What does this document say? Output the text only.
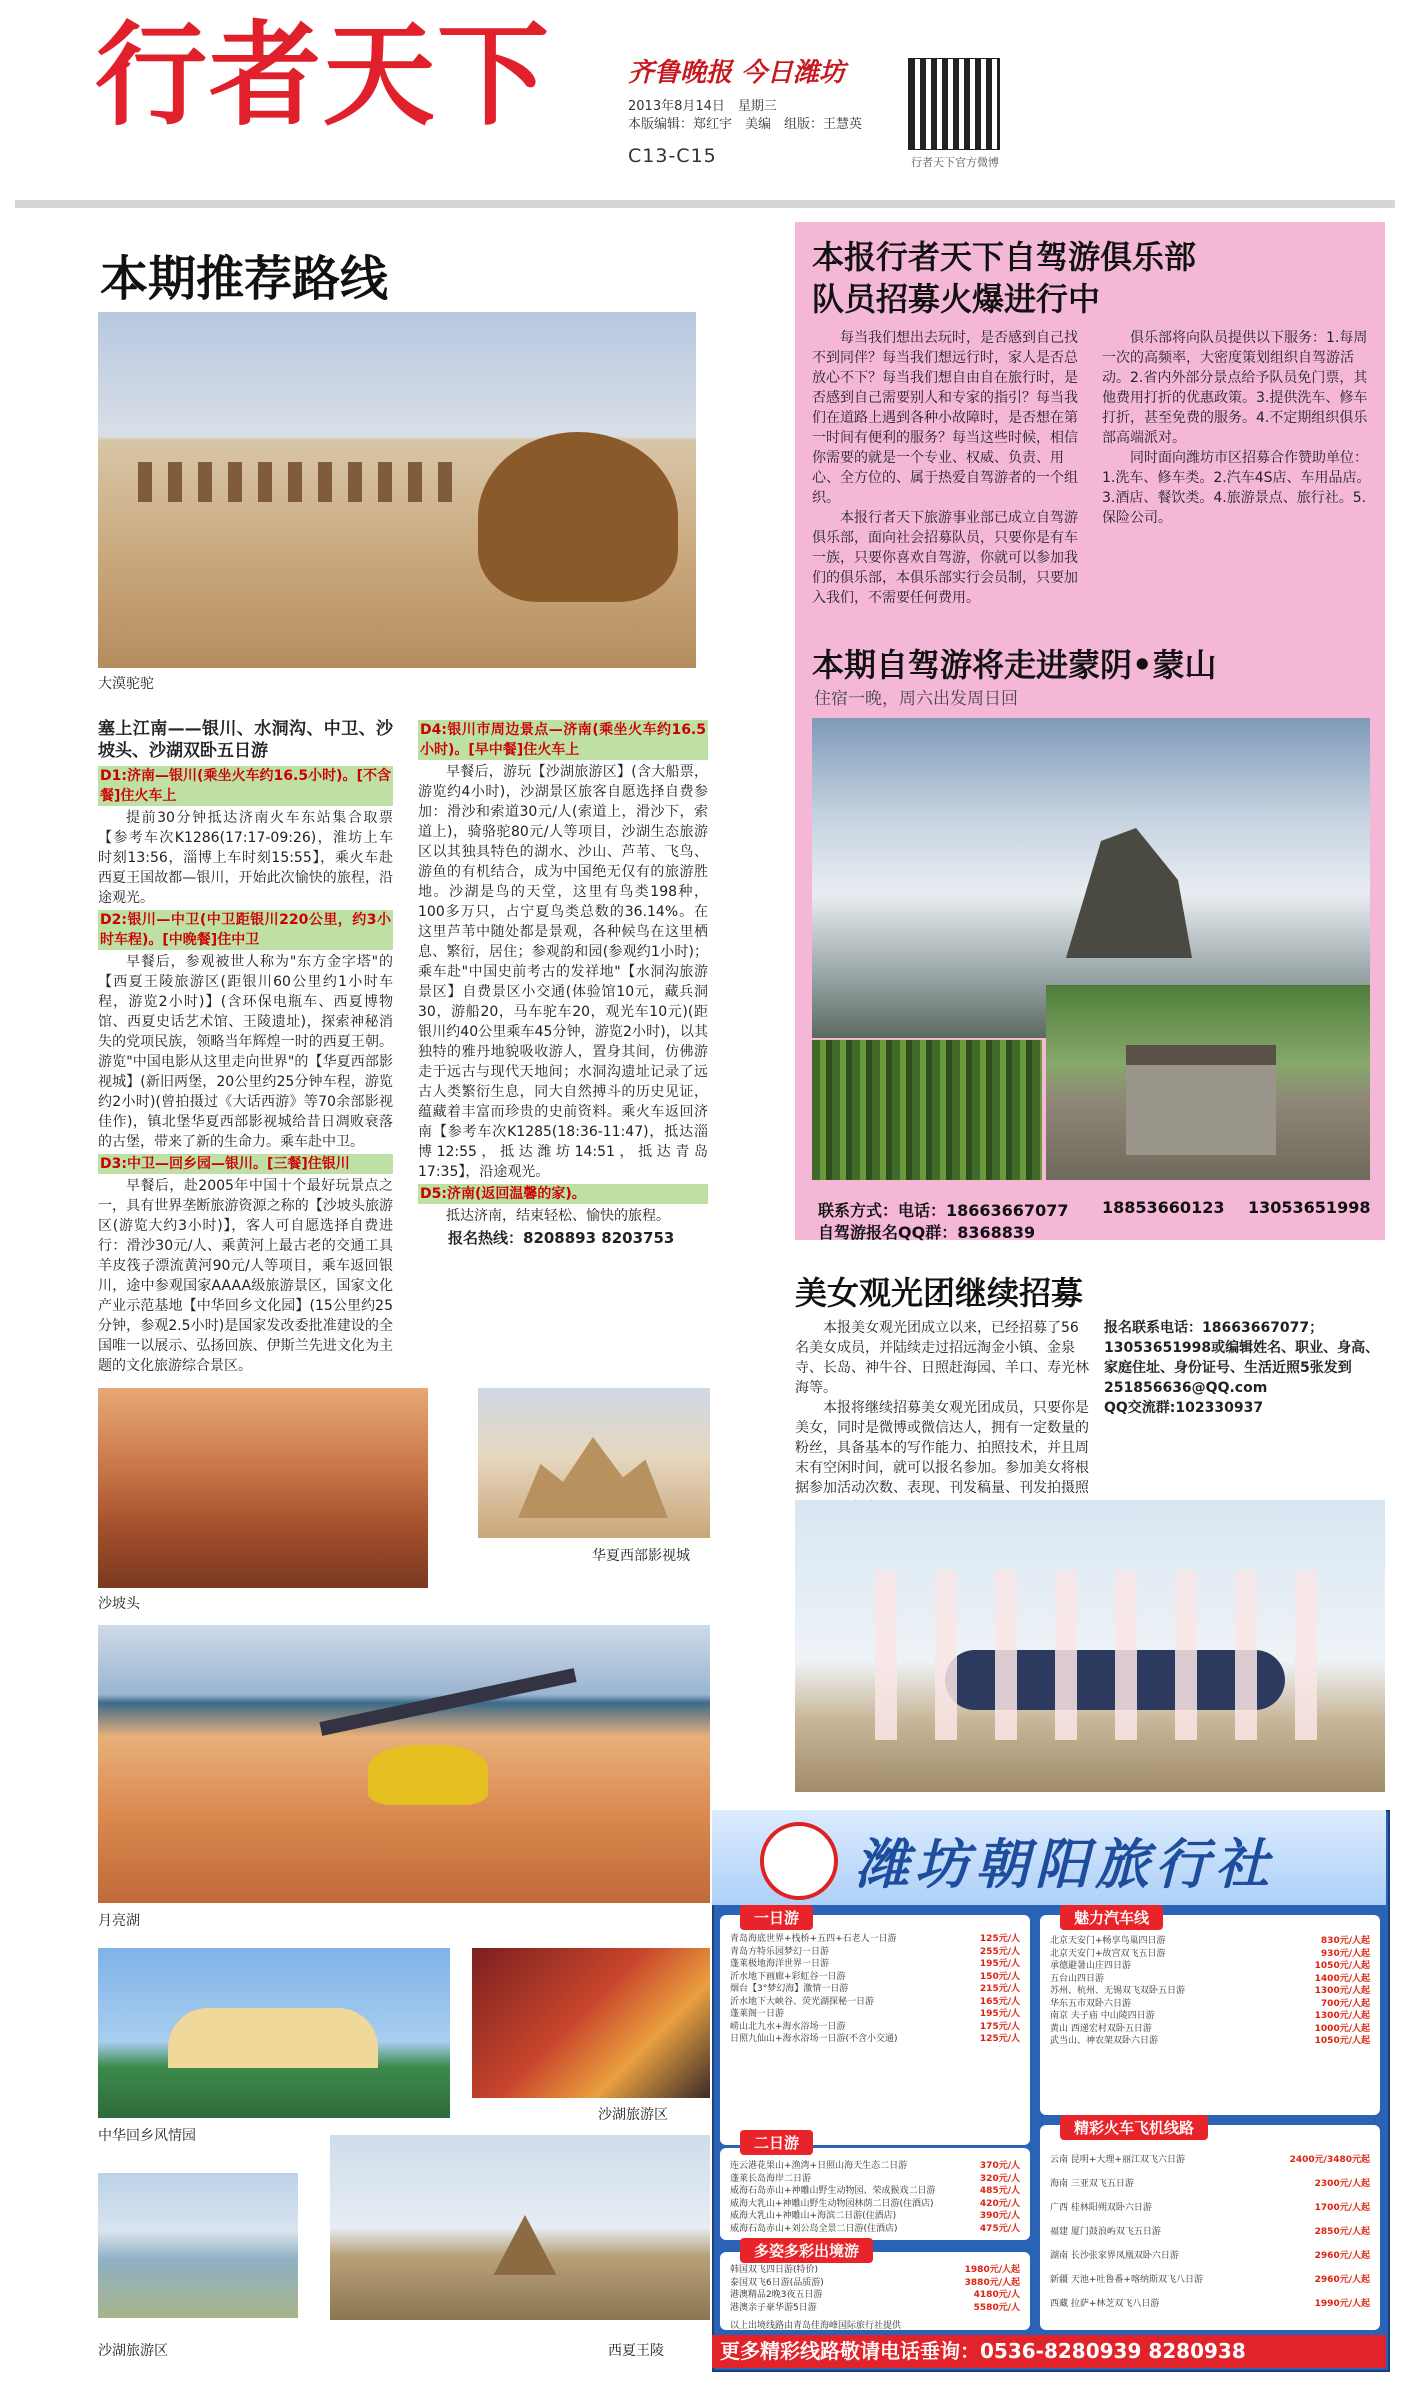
行者天下	齐鲁晚报 今日潍坊
2013年8月14日　星期三
本版编辑：郑红宇　美编　组版：王慧英
C13-C15	行者天下官方微博
本期推荐路线
大漠驼驼
塞上江南——银川、水洞沟、中卫、沙坡头、沙湖双卧五日游
D1:济南—银川(乘坐火车约16.5小时)。[不含餐]住火车上

提前30分钟抵达济南火车东站集合取票【参考车次K1286(17:17-09:26)，淮坊上车时刻13:56，淄博上车时刻15:55】，乘火车赴西夏王国故都—银川，开始此次愉快的旅程，沿途观光。

D2:银川—中卫(中卫距银川220公里，约3小时车程)。[中晚餐]住中卫

早餐后，参观被世人称为"东方金字塔"的【西夏王陵旅游区(距银川60公里约1小时车程，游览2小时)】(含环保电瓶车、西夏博物馆、西夏史话艺术馆、王陵遗址)，探索神秘消失的党项民族，领略当年辉煌一时的西夏王朝。游览"中国电影从这里走向世界"的【华夏西部影视城】(新旧两堡，20公里约25分钟车程，游览约2小时)(曾拍摄过《大话西游》等70余部影视佳作)，镇北堡华夏西部影视城给昔日凋败衰落的古堡，带来了新的生命力。乘车赴中卫。

D3:中卫—回乡园—银川。[三餐]住银川

早餐后，赴2005年中国十个最好玩景点之一，具有世界垄断旅游资源之称的【沙坡头旅游区(游览大约3小时)】，客人可自愿选择自费进行：滑沙30元/人、乘黄河上最古老的交通工具羊皮筏子漂流黄河90元/人等项目，乘车返回银川，途中参观国家AAAA级旅游景区，国家文化产业示范基地【中华回乡文化园】(15公里约25分钟，参观2.5小时)是国家发改委批准建设的全国唯一以展示、弘扬回族、伊斯兰先进文化为主题的文化旅游综合景区。

D4:银川市周边景点—济南(乘坐火车约16.5小时)。[早中餐]住火车上

早餐后，游玩【沙湖旅游区】(含大船票，游览约4小时)，沙湖景区旅客自愿选择自费参加：滑沙和索道30元/人(索道上，滑沙下，索道上)，骑骆驼80元/人等项目，沙湖生态旅游区以其独具特色的湖水、沙山、芦苇、飞鸟、游鱼的有机结合，成为中国绝无仅有的旅游胜地。沙湖是鸟的天堂，这里有鸟类198种，100多万只，占宁夏鸟类总数的36.14%。在这里芦苇中随处都是景观，各种候鸟在这里栖息、繁衍，居住；参观韵和园(参观约1小时)；乘车赴"中国史前考古的发祥地"【水洞沟旅游景区】自费景区小交通(体验馆10元，藏兵洞30，游船20，马车驼车20，观光车10元)(距银川约40公里乘车45分钟，游览2小时)，以其独特的雅丹地貌吸收游人，置身其间，仿佛游走于远古与现代天地间；水洞沟遗址记录了远古人类繁衍生息，同大自然搏斗的历史见证，蕴藏着丰富而珍贵的史前资料。乘火车返回济南【参考车次K1285(18:36-11:47)，抵达淄博12:55，抵达潍坊14:51，抵达青岛17:35】，沿途观光。

D5:济南(返回温馨的家)。

抵达济南，结束轻松、愉快的旅程。

报名热线：8208893 8203753
沙坡头
华夏西部影视城
月亮湖
中华回乡风情园
沙湖旅游区
沙湖旅游区	西夏王陵
本报行者天下自驾游俱乐部
队员招募火爆进行中

每当我们想出去玩时，是否感到自己找不到同伴？每当我们想远行时，家人是否总放心不下？每当我们想自由自在旅行时，是否感到自己需要别人和专家的指引？每当我们在道路上遇到各种小故障时，是否想在第一时间有便利的服务？每当这些时候，相信你需要的就是一个专业、权威、负责、用心、全方位的、属于热爱自驾游者的一个组织。

本报行者天下旅游事业部已成立自驾游俱乐部，面向社会招募队员，只要你是有车一族，只要你喜欢自驾游，你就可以参加我们的俱乐部，本俱乐部实行会员制，只要加入我们，不需要任何费用。

俱乐部将向队员提供以下服务：1.每周一次的高频率，大密度策划组织自驾游活动。2.省内外部分景点给予队员免门票，其他费用打折的优惠政策。3.提供洗车、修车打折，甚至免费的服务。4.不定期组织俱乐部高端派对。

同时面向潍坊市区招募合作赞助单位：1.洗车、修车类。2.汽车4S店、车用品店。3.酒店、餐饮类。4.旅游景点、旅行社。5.保险公司。

本期自驾游将走进蒙阴•蒙山
住宿一晚，周六出发周日回
联系方式：电话：18663667077 18853660123 13053651998
自驾游报名QQ群：8368839
美女观光团继续招募

本报美女观光团成立以来，已经招募了56 名美女成员，并陆续走过招远淘金小镇、金泉寺、长岛、神牛谷、日照赶海园、羊口、寿光林海等。

本报将继续招募美女观光团成员，只要你是美女，同时是微博或微信达人，拥有一定数量的粉丝，具备基本的写作能力、拍照技术，并且周末有空闲时间，就可以报名参加。参加美女将根据参加活动次数、表现、刊发稿量、刊发拍摄照

报名联系电话：18663667077；13053651998或编辑姓名、职业、身高、家庭住址、身份证号、生活近照5张发到251856636@QQ.com
QQ交流群:102330937
潍坊朝阳旅行社
一日游
青岛海底世界+栈桥+五四+石老人一日游	125元/人
青岛方特乐园梦幻一日游	255元/人
蓬莱极地海洋世界一日游	195元/人
沂水地下画廊+彩虹谷一日游	150元/人
烟台【3°梦幻海】激情一日游	215元/人
沂水地下大峡谷、荧光湖探秘一日游	165元/人
蓬莱阁一日游	195元/人
崂山北九水+海水浴场一日游	175元/人
日照九仙山+海水浴场一日游(不含小交通)	125元/人
二日游
连云港花果山+渔湾+日照山海天生态二日游	370元/人
蓬莱长岛海岸二日游	320元/人
威海石岛赤山+神雕山野生动物园、荣成猴戏二日游	485元/人
威海大乳山+神雕山野生动物园林荫二日游(住酒店)	420元/人
威海大乳山+神雕山+海滨二日游(住酒店)	390元/人
威海石岛赤山+刘公岛全景二日游(住酒店)	475元/人
多姿多彩出境游
韩国双飞四日游(特价)	1980元/人起
泰国双飞6日游(品质游)	3880元/人起
港澳精品2晚3夜五日游	4180元/人
港澳亲子豪华游5日游	5580元/人
以上出境线路由青岛佳海峰国际旅行社提供
魅力汽车线
北京天安门+畅享鸟巢四日游	830元/人起
北京天安门+故宫双飞五日游	930元/人起
承德避暑山庄四日游	1050元/人起
五台山四日游	1400元/人起
苏州、杭州、无锡双飞双卧五日游	1300元/人起
华东五市双卧六日游	700元/人起
南京 夫子庙 中山陵四日游	1300元/人起
黄山 西递宏村双卧五日游	1000元/人起
武当山、神农架双卧六日游	1050元/人起
精彩火车飞机线路
云南 昆明+大理+丽江双飞六日游	2400元/3480元起
海南 三亚双飞五日游	2300元/人起
广西 桂林阳朔双卧六日游	1700元/人起
福建 厦门鼓浪屿双飞五日游	2850元/人起
湖南 长沙张家界凤凰双卧六日游	2960元/人起
新疆 天池+吐鲁番+喀纳斯双飞八日游	2960元/人起
西藏 拉萨+林芝双飞八日游	1990元/人起
更多精彩线路敬请电话垂询：0536-8280939 8280938 地址：东风街新华路口西行200米路南
